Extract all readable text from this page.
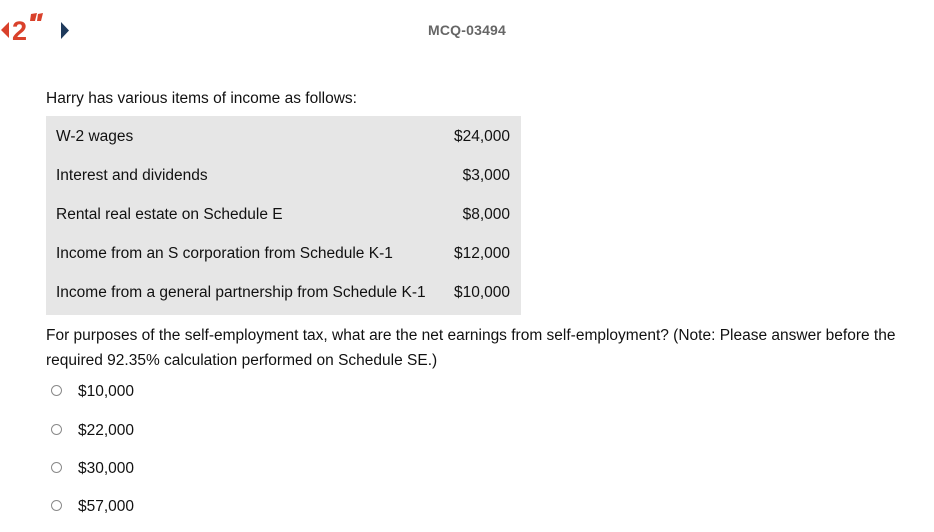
2	MCQ-03494
Harry has various items of income as follows:
W-2 wages	$24,000
Interest and dividends	$3,000
Rental real estate on Schedule E	$8,000
Income from an S corporation from Schedule K-1	$12,000
Income from a general partnership from Schedule K-1 $10,000
For purposes of the self-employment tax, what are the net earnings from self-employment? (Note: Please answer before the required 92.35% calculation performed on Schedule SE.)
$10,000
$22,000
$30,000
$57,000
